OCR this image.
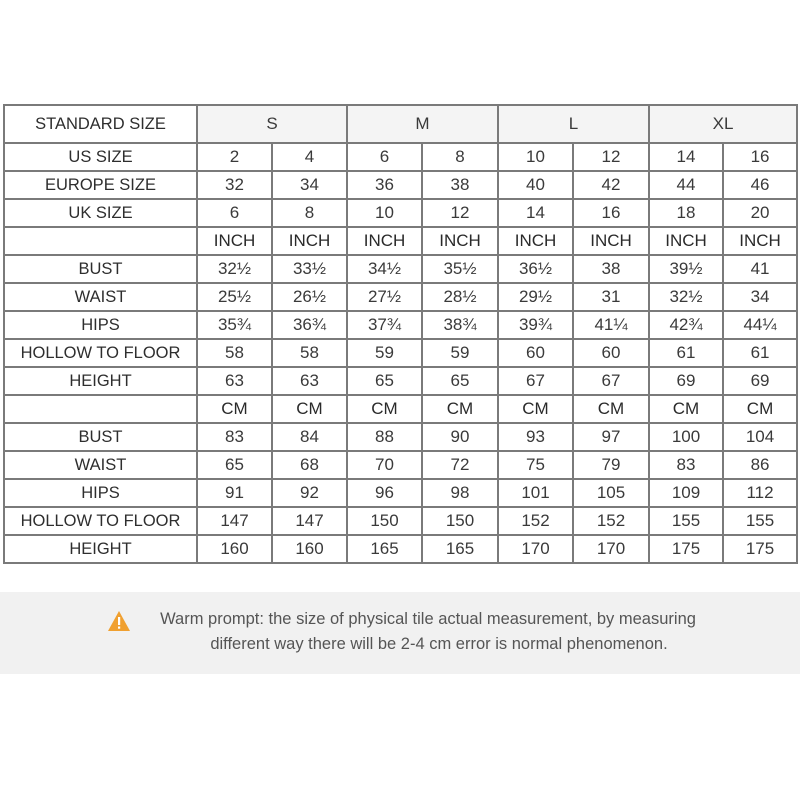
STANDARD SIZE	S		M		L		XL	
US SIZE	2	4	6	8	10	12	14	16
EUROPE SIZE	32	34	36	38	40	42	44	46
UK SIZE	6	8	10	12	14	16	18	20
	INCH	INCH	INCH	INCH	INCH	INCH	INCH	INCH
BUST	32½	33½	34½	35½	36½	38	39½	41
WAIST	25½	26½	27½	28½	29½	31	32½	34
HIPS	35¾	36¾	37¾	38¾	39¾	41¼	42¾	44¼
HOLLOW TO FLOOR	58	58	59	59	60	60	61	61
HEIGHT	63	63	65	65	67	67	69	69
	CM	CM	CM	CM	CM	CM	CM	CM
BUST	83	84	88	90	93	97	100	104
WAIST	65	68	70	72	75	79	83	86
HIPS	91	92	96	98	101	105	109	112
HOLLOW TO FLOOR	147	147	150	150	152	152	155	155
HEIGHT	160	160	165	165	170	170	175	175
Warm prompt: the size of physical tile actual measurement, by measuring
different way there will be 2-4 cm error is normal phenomenon.
